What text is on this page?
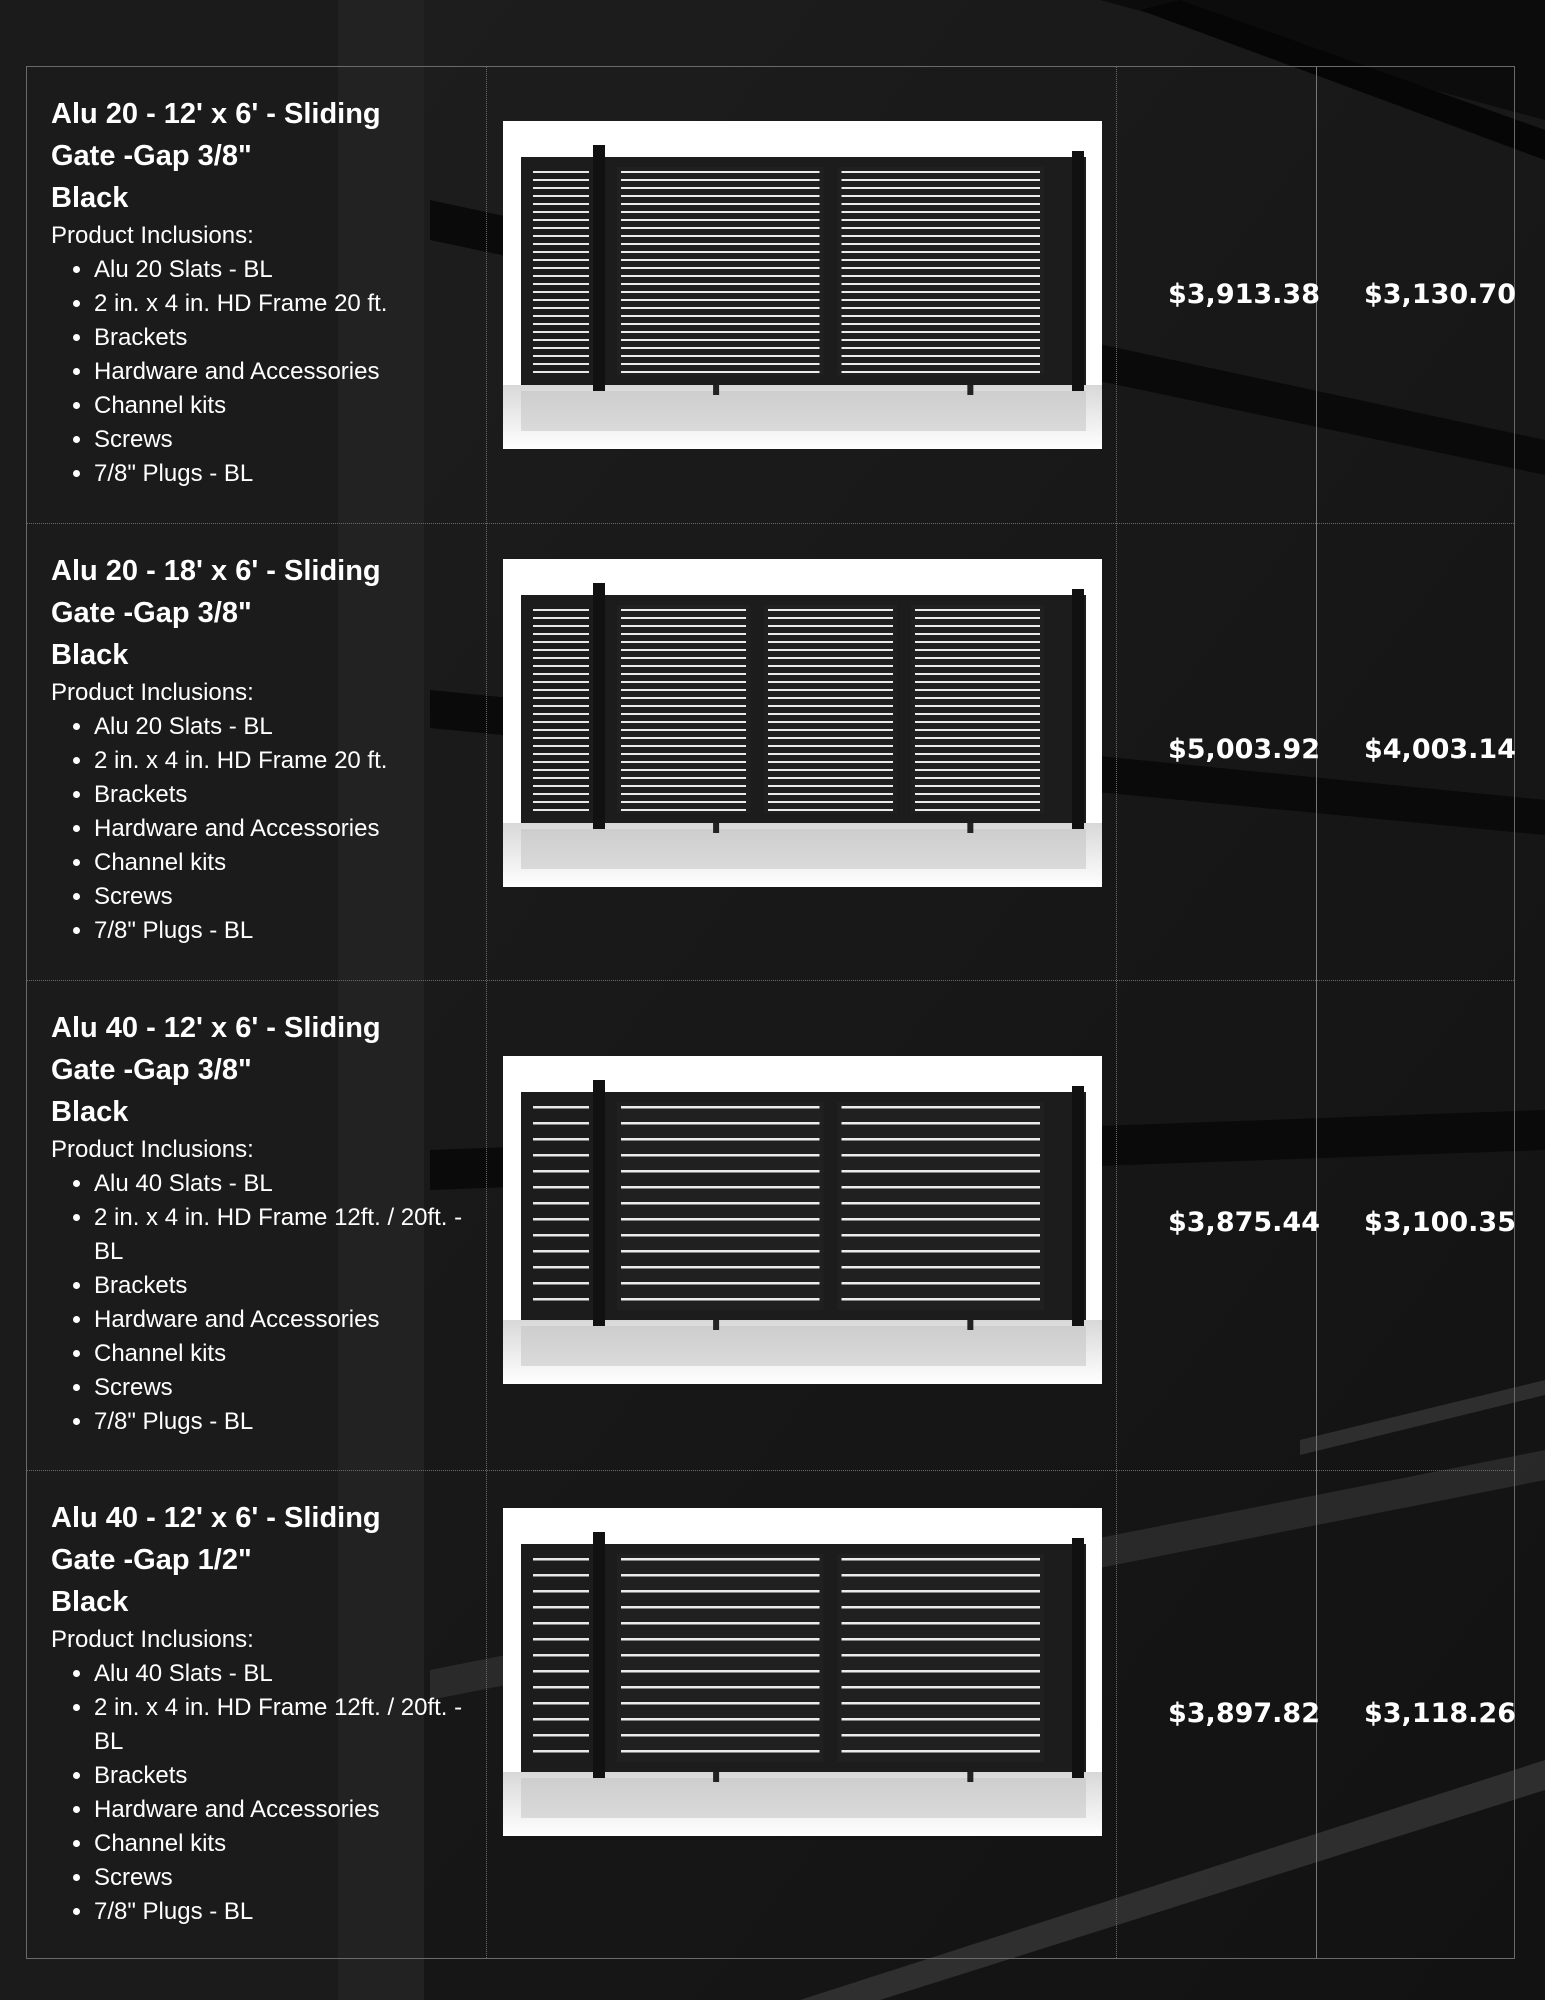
Alu 20 - 12' x 6' - Sliding
Gate -Gap 3/8"
Black

Product Inclusions:

• Alu 20 Slats - BL
• 2 in. x 4 in. HD Frame 20 ft.
• Brackets
• Hardware and Accessories
• Channel kits
• Screws
• 7/8" Plugs - BL
$3,913.38	$3,130.70

Alu 20 - 18' x 6' - Sliding
Gate -Gap 3/8"
Black

Product Inclusions:

• Alu 20 Slats - BL
• 2 in. x 4 in. HD Frame 20 ft.
• Brackets
• Hardware and Accessories
• Channel kits
• Screws
• 7/8" Plugs - BL
$5,003.92	$4,003.14

Alu 40 - 12' x 6' - Sliding
Gate -Gap 3/8"
Black

Product Inclusions:

• Alu 40 Slats - BL
• 2 in. x 4 in. HD Frame 12ft. / 20ft. - BL
• Brackets
• Hardware and Accessories
• Channel kits
• Screws
• 7/8" Plugs - BL
$3,875.44	$3,100.35

Alu 40 - 12' x 6' - Sliding
Gate -Gap 1/2"
Black

Product Inclusions:

• Alu 40 Slats - BL
• 2 in. x 4 in. HD Frame 12ft. / 20ft. - BL
• Brackets
• Hardware and Accessories
• Channel kits
• Screws
• 7/8" Plugs - BL
$3,897.82	$3,118.26
